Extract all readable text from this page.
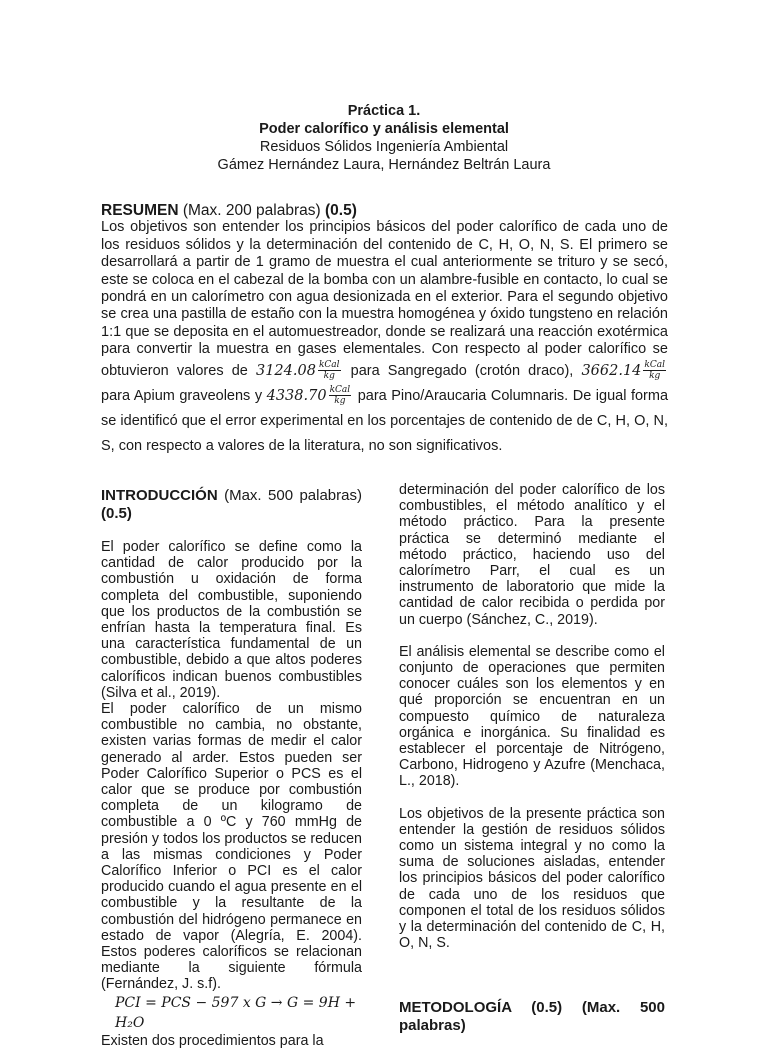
Práctica 1.
Poder calorífico y análisis elemental
Residuos Sólidos Ingeniería Ambiental
Gámez Hernández Laura, Hernández Beltrán Laura
RESUMEN (Max. 200 palabras) (0.5)
Los objetivos son entender los principios básicos del poder calorífico de cada uno de los residuos sólidos y la determinación del contenido de C, H, O, N, S. El primero se desarrollará a partir de 1 gramo de muestra el cual anteriormente se trituro y se secó, este se coloca en el cabezal de la bomba con un alambre-fusible en contacto, lo cual se pondrá en un calorímetro con agua desionizada en el exterior. Para el segundo objetivo se crea una pastilla de estaño con la muestra homogénea y óxido tungsteno en relación 1:1 que se deposita en el automuestreador, donde se realizará una reacción exotérmica para convertir la muestra en gases elementales. Con respecto al poder calorífico se obtuvieron valores de $3124.08 \frac{\text{kCal}}{kg}$ para Sangregado (crotón draco), $3662.14 \frac{\text{kCal}}{kg}$
para Apium graveolens y $4338.70 \frac{\text{kCal}}{kg}$ para Pino/Araucaria Columnaris. De igual forma se identificó que el error experimental en los porcentajes de contenido de de C, H, O, N, S, con respecto a valores de la literatura, no son significativos.
INTRODUCCIÓN (Max. 500 palabras) (0.5)

El poder calorífico se define como la cantidad de calor producido por la combustión u oxidación de forma completa del combustible, suponiendo que los productos de la combustión se enfrían hasta la temperatura final. Es una característica fundamental de un combustible, debido a que altos poderes caloríficos indican buenos combustibles (Silva et al., 2019).

El poder calorífico de un mismo combustible no cambia, no obstante, existen varias formas de medir el calor generado al arder. Estos pueden ser Poder Calorífico Superior o PCS es el calor que se produce por combustión completa de un kilogramo de combustible a 0 ºC y 760 mmHg de presión y todos los productos se reducen a las mismas condiciones y Poder Calorífico Inferior o PCI es el calor producido cuando el agua presente en el combustible y la resultante de la combustión del hidrógeno permanece en estado de vapor (Alegría, E. 2004). Estos poderes caloríficos se relacionan mediante la siguiente fórmula (Fernández, J. s.f).

PCI = PCS − 597 x G → G = 9H + H₂O

Existen dos procedimientos para la

determinación del poder calorífico de los combustibles, el método analítico y el método práctico. Para la presente práctica se determinó mediante el método práctico, haciendo uso del calorímetro Parr, el cual es un instrumento de laboratorio que mide la cantidad de calor recibida o perdida por un cuerpo (Sánchez, C., 2019).

El análisis elemental se describe como el conjunto de operaciones que permiten conocer cuáles son los elementos y en qué proporción se encuentran en un compuesto químico de naturaleza orgánica e inorgánica. Su finalidad es establecer el porcentaje de Nitrógeno, Carbono, Hidrogeno y Azufre (Menchaca, L., 2018).

Los objetivos de la presente práctica son entender la gestión de residuos sólidos como un sistema integral y no como la suma de soluciones aisladas, entender los principios básicos del poder calorífico de cada uno de los residuos que componen el total de los residuos sólidos y la determinación del contenido de C, H, O, N, S.

METODOLOGÍA (0.5) (Max. 500 palabras)
